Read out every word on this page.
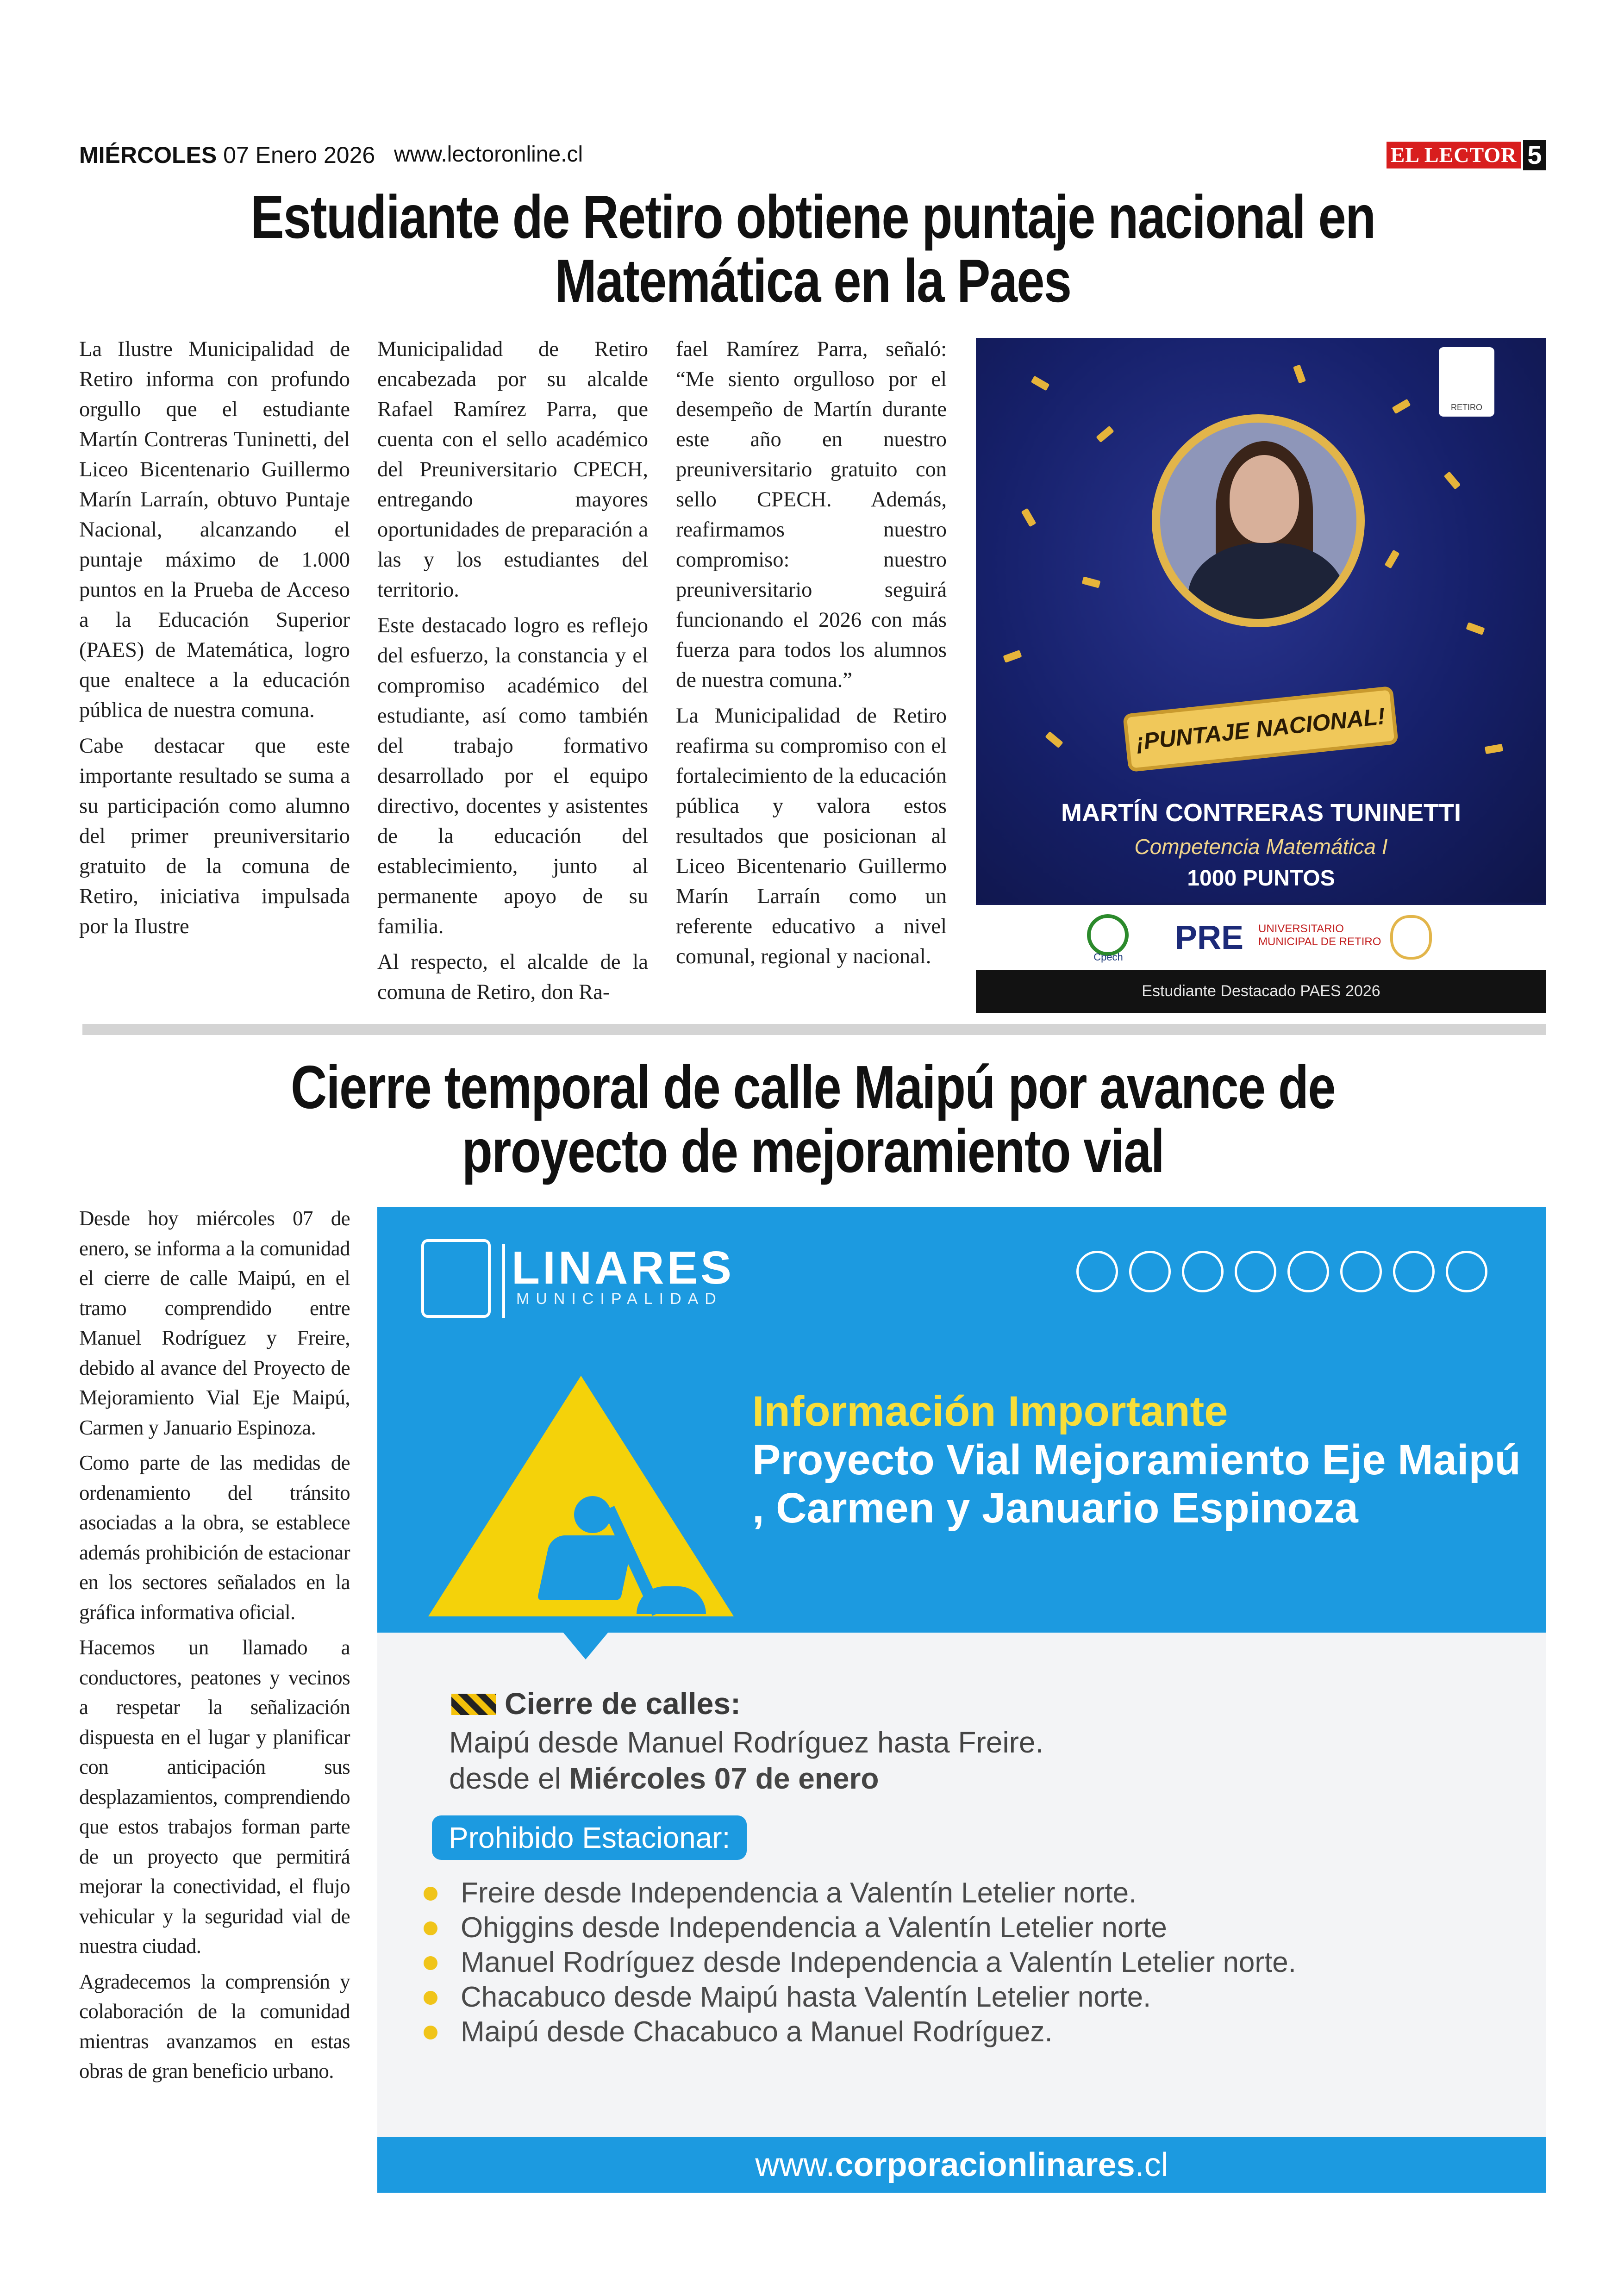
MIÉRCOLES 07 Enero 2026 www.lectoronline.cl	EL LECTOR 5
Estudiante de Retiro obtiene puntaje nacional en Matemática en la Paes

La Ilustre Municipalidad de Retiro informa con profundo orgullo que el estudiante Martín Contreras Tuninetti, del Liceo Bicentenario Guillermo Marín Larraín, obtuvo Puntaje Nacional, alcanzando el puntaje máximo de 1.000 puntos en la Prueba de Acceso a la Educación Superior (PAES) de Matemática, logro que enaltece a la educación pública de nuestra comuna.

Cabe destacar que este importante resultado se suma a su participación como alumno del primer preuniversitario gratuito de la comuna de Retiro, iniciativa impulsada por la Ilustre

Municipalidad de Retiro encabezada por su alcalde Rafael Ramírez Parra, que cuenta con el sello académico del Preuniversitario CPECH, entregando mayores oportunidades de preparación a las y los estudiantes del territorio.

Este destacado logro es reflejo del esfuerzo, la constancia y el compromiso académico del estudiante, así como también del trabajo formativo desarrollado por el equipo directivo, docentes y asistentes de la educación del establecimiento, junto al permanente apoyo de su familia.

Al respecto, el alcalde de la comuna de Retiro, don Ra-

fael Ramírez Parra, señaló: “Me siento orgulloso por el desempeño de Martín durante este año en nuestro preuniversitario gratuito con sello CPECH. Además, reafirmamos nuestro compromiso: nuestro preuniversitario seguirá funcionando el 2026 con más fuerza para todos los alumnos de nuestra comuna.”

La Municipalidad de Retiro reafirma su compromiso con el fortalecimiento de la educación pública y valora estos resultados que posicionan al Liceo Bicentenario Guillermo Marín Larraín como un referente educativo a nivel comunal, regional y nacional.

RETIRO
¡PUNTAJE NACIONAL!
MARTÍN CONTRERAS TUNINETTI
Competencia Matemática I
1000 PUNTOS
Cpech
PRE UNIVERSITARIO
MUNICIPAL DE RETIRO
Estudiante Destacado PAES 2026
Cierre temporal de calle Maipú por avance de proyecto de mejoramiento vial

Desde hoy miércoles 07 de enero, se informa a la comunidad el cierre de calle Maipú, en el tramo comprendido entre Manuel Rodríguez y Freire, debido al avance del Proyecto de Mejoramiento Vial Eje Maipú, Carmen y Januario Espinoza.

Como parte de las medidas de ordenamiento del tránsito asociadas a la obra, se establece además prohibición de estacionar en los sectores señalados en la gráfica informativa oficial.

Hacemos un llamado a conductores, peatones y vecinos a respetar la señalización dispuesta en el lugar y planificar con anticipación sus desplazamientos, comprendiendo que estos trabajos forman parte de un proyecto que permitirá mejorar la conectividad, el flujo vehicular y la seguridad vial de nuestra ciudad.

Agradecemos la comprensión y colaboración de la comunidad mientras avanzamos en estas obras de gran beneficio urbano.

LINARES
MUNICIPALIDAD
Información Importante
Proyecto Vial Mejoramiento Eje Maipú , Carmen y Januario Espinoza
Cierre de calles:
Maipú desde Manuel Rodríguez hasta Freire.
desde el Miércoles 07 de enero
Prohibido Estacionar:
Freire desde Independencia a Valentín Letelier norte.
Ohiggins desde Independencia a Valentín Letelier norte
Manuel Rodríguez desde Independencia a Valentín Letelier norte.
Chacabuco desde Maipú hasta Valentín Letelier norte.
Maipú desde Chacabuco a Manuel Rodríguez.
www.corporacionlinares.cl
